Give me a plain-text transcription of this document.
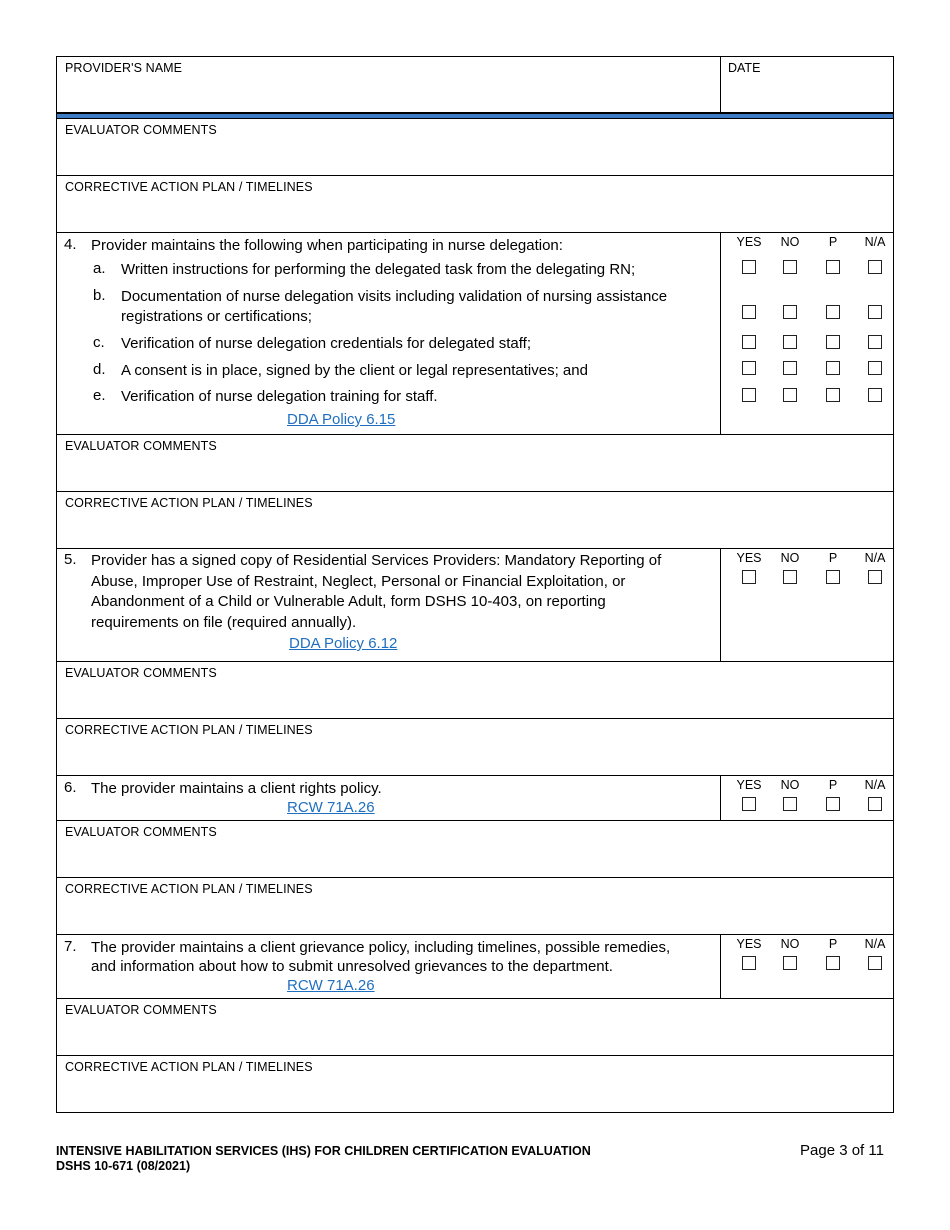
PROVIDER'S NAME	DATE
EVALUATOR COMMENTS
CORRECTIVE ACTION PLAN / TIMELINES
4. Provider maintains the following when participating in nurse delegation:
a. Written instructions for performing the delegated task from the delegating RN;
b. Documentation of nurse delegation visits including validation of nursing assistance registrations or certifications;
c. Verification of nurse delegation credentials for delegated staff;
d. A consent is in place, signed by the client or legal representatives; and
e. Verification of nurse delegation training for staff.
DDA Policy 6.15
YES	NO	P	N/A
EVALUATOR COMMENTS
CORRECTIVE ACTION PLAN / TIMELINES
5. Provider has a signed copy of Residential Services Providers: Mandatory Reporting of Abuse, Improper Use of Restraint, Neglect, Personal or Financial Exploitation, or Abandonment of a Child or Vulnerable Adult, form DSHS 10-403, on reporting requirements on file (required annually).
DDA Policy 6.12
YES	NO	P	N/A
EVALUATOR COMMENTS
CORRECTIVE ACTION PLAN / TIMELINES
6. The provider maintains a client rights policy.
RCW 71A.26
YES	NO	P	N/A
EVALUATOR COMMENTS
CORRECTIVE ACTION PLAN / TIMELINES
7. The provider maintains a client grievance policy, including timelines, possible remedies, and information about how to submit unresolved grievances to the department.
RCW 71A.26
YES	NO	P	N/A
EVALUATOR COMMENTS
CORRECTIVE ACTION PLAN / TIMELINES
INTENSIVE HABILITATION SERVICES (IHS) FOR CHILDREN CERTIFICATION EVALUATION
DSHS 10-671 (08/2021)
Page 3 of 11
